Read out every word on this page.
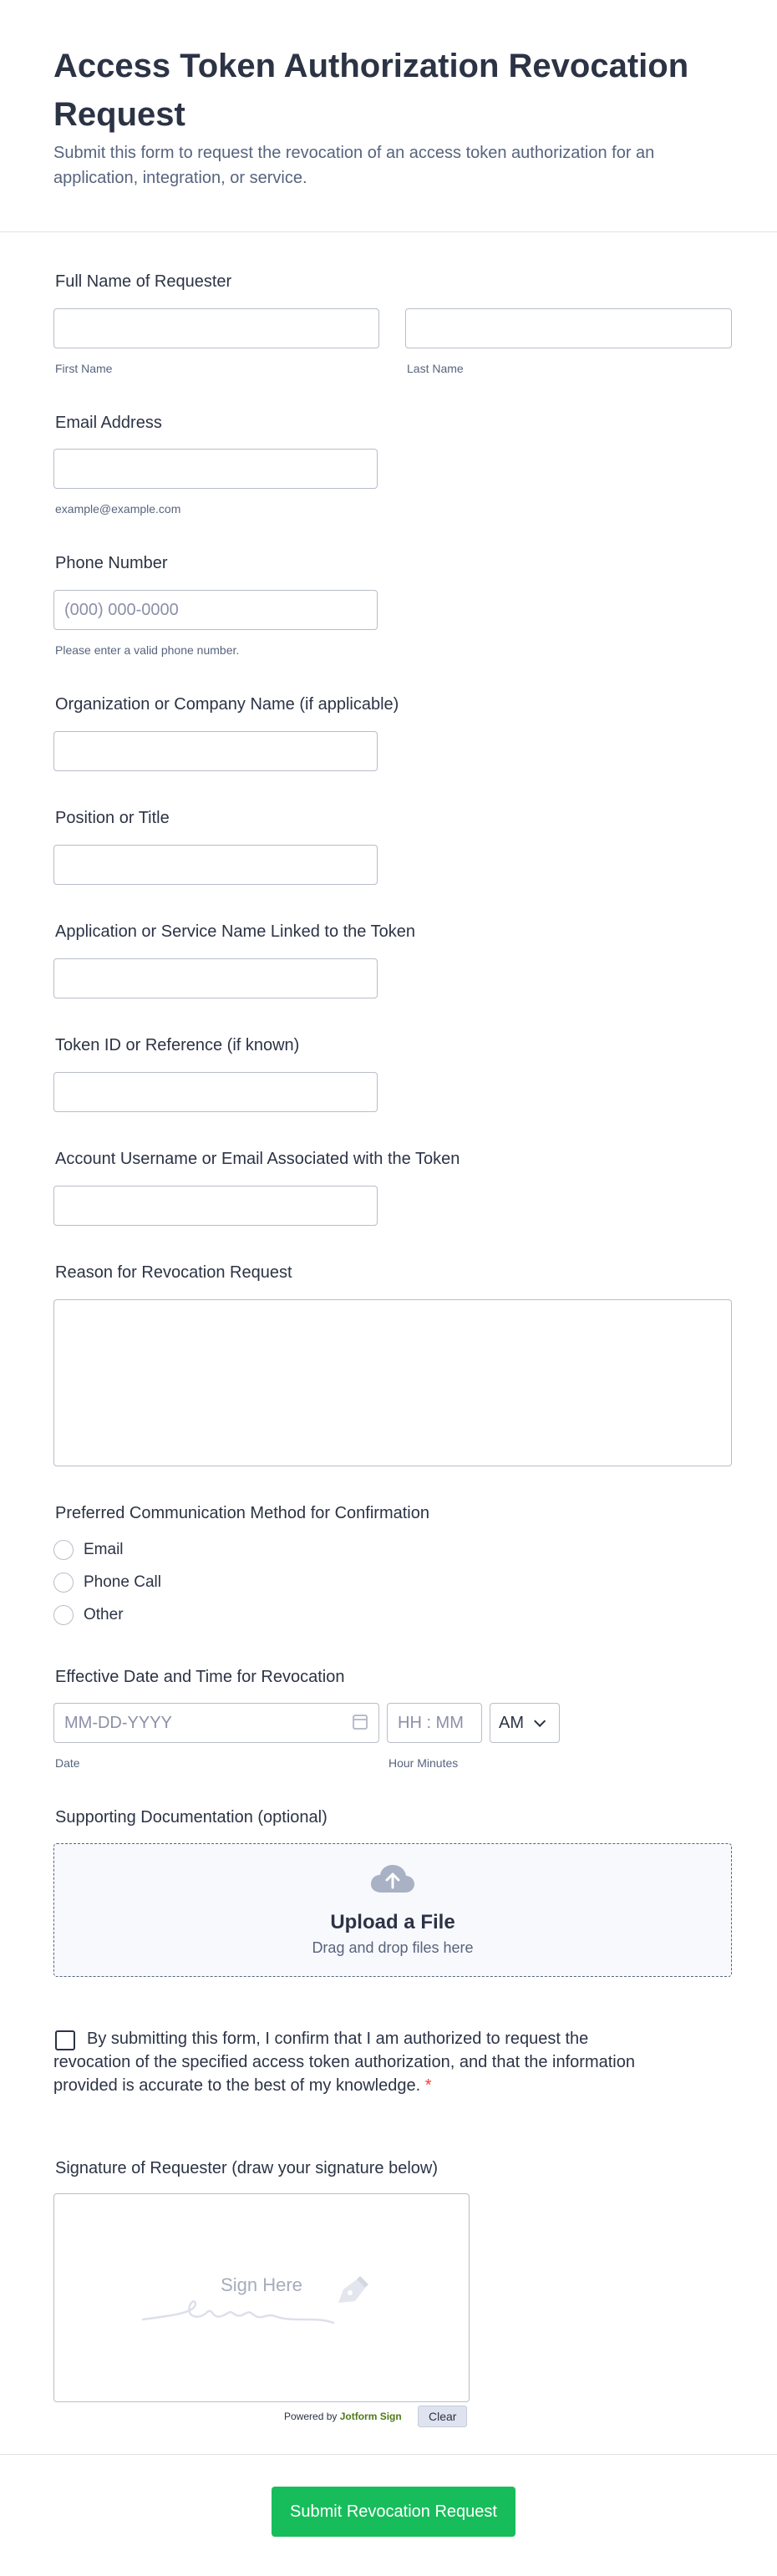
Access Token Authorization Revocation Request
Submit this form to request the revocation of an access token authorization for an application, integration, or service.
Full Name of Requester
First Name	Last Name
Email Address
example@example.com
Phone Number
(000) 000-0000
Please enter a valid phone number.
Organization or Company Name (if applicable)
Position or Title
Application or Service Name Linked to the Token
Token ID or Reference (if known)
Account Username or Email Associated with the Token
Reason for Revocation Request
Preferred Communication Method for Confirmation
Email
Phone Call
Other
Effective Date and Time for Revocation
MM-DD-YYYY
HH : MM
AM
Date	Hour Minutes
Supporting Documentation (optional)
Upload a File
Drag and drop files here
By submitting this form, I confirm that I am authorized to request the revocation of the specified access token authorization, and that the information provided is accurate to the best of my knowledge. *
Signature of Requester (draw your signature below)
Sign Here
Powered by Jotform Sign	Clear
Submit Revocation Request
